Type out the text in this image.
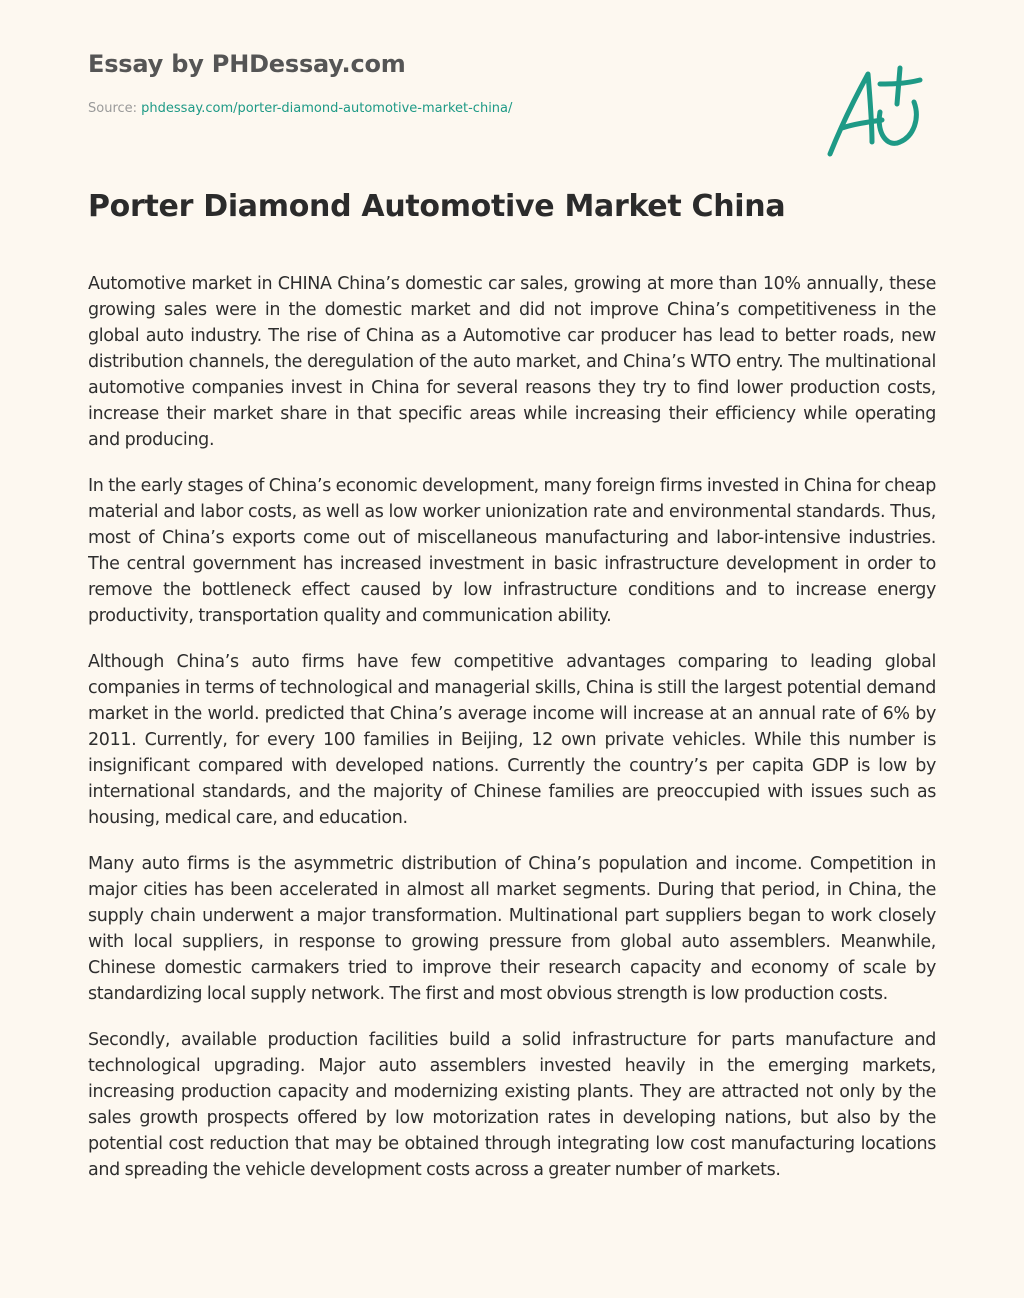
Essay by PHDessay.com
Source: phdessay.com/porter-diamond-automotive-market-china/
Porter Diamond Automotive Market China

Automotive market in CHINA China’s domestic car sales, growing at more than 10% annually, these growing sales were in the domestic market and did not improve China’s competitiveness in the global auto industry. The rise of China as a Automotive car producer has lead to better roads, new distribution channels, the deregulation of the auto market, and China’s WTO entry. The multinational automotive companies invest in China for several reasons they try to find lower production costs, increase their market share in that specific areas while increasing their efficiency while operating and producing.

In the early stages of China’s economic development, many foreign firms invested in China for cheap material and labor costs, as well as low worker unionization rate and environmental standards. Thus, most of China’s exports come out of miscellaneous manufacturing and labor-intensive industries. The central government has increased investment in basic infrastructure development in order to remove the bottleneck effect caused by low infrastructure conditions and to increase energy productivity, transportation quality and communication ability.

Although China’s auto firms have few competitive advantages comparing to leading global companies in terms of technological and managerial skills, China is still the largest potential demand market in the world. predicted that China’s average income will increase at an annual rate of 6% by 2011. Currently, for every 100 families in Beijing, 12 own private vehicles. While this number is insignificant compared with developed nations. Currently the country’s per capita GDP is low by international standards, and the majority of Chinese families are preoccupied with issues such as housing, medical care, and education.

Many auto firms is the asymmetric distribution of China’s population and income. Competition in major cities has been accelerated in almost all market segments. During that period, in China, the supply chain underwent a major transformation. Multinational part suppliers began to work closely with local suppliers, in response to growing pressure from global auto assemblers. Meanwhile, Chinese domestic carmakers tried to improve their research capacity and economy of scale by standardizing local supply network. The first and most obvious strength is low production costs.

Secondly, available production facilities build a solid infrastructure for parts manufacture and technological upgrading. Major auto assemblers invested heavily in the emerging markets, increasing production capacity and modernizing existing plants. They are attracted not only by the sales growth prospects offered by low motorization rates in developing nations, but also by the potential cost reduction that may be obtained through integrating low cost manufacturing locations and spreading the vehicle development costs across a greater number of markets.
